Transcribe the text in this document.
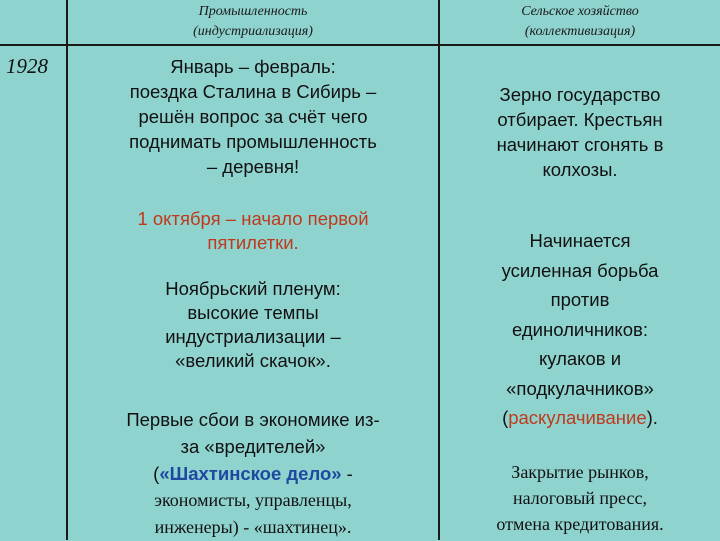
Промышленность
(индустриализация)
Сельское хозяйство
(коллективизация)
1928	Январь – февраль:
поездка Сталина в Сибирь –
решён вопрос за счёт чего
поднимать промышленность
– деревня!
1 октября – начало первой
пятилетки.
Ноябрьский пленум:
высокие темпы
индустриализации –
«великий скачок».
Первые сбои в экономике из-
за «вредителей»
(«Шахтинское дело» -
экономисты, управленцы,
инженеры) - «шахтинец».
Зерно государство
отбирает. Крестьян
начинают сгонять в
колхозы.
Начинается
усиленная борьба
против
единоличников:
кулаков и
«подкулачников»
(раскулачивание).
Закрытие рынков,
налоговый пресс,
отмена кредитования.
